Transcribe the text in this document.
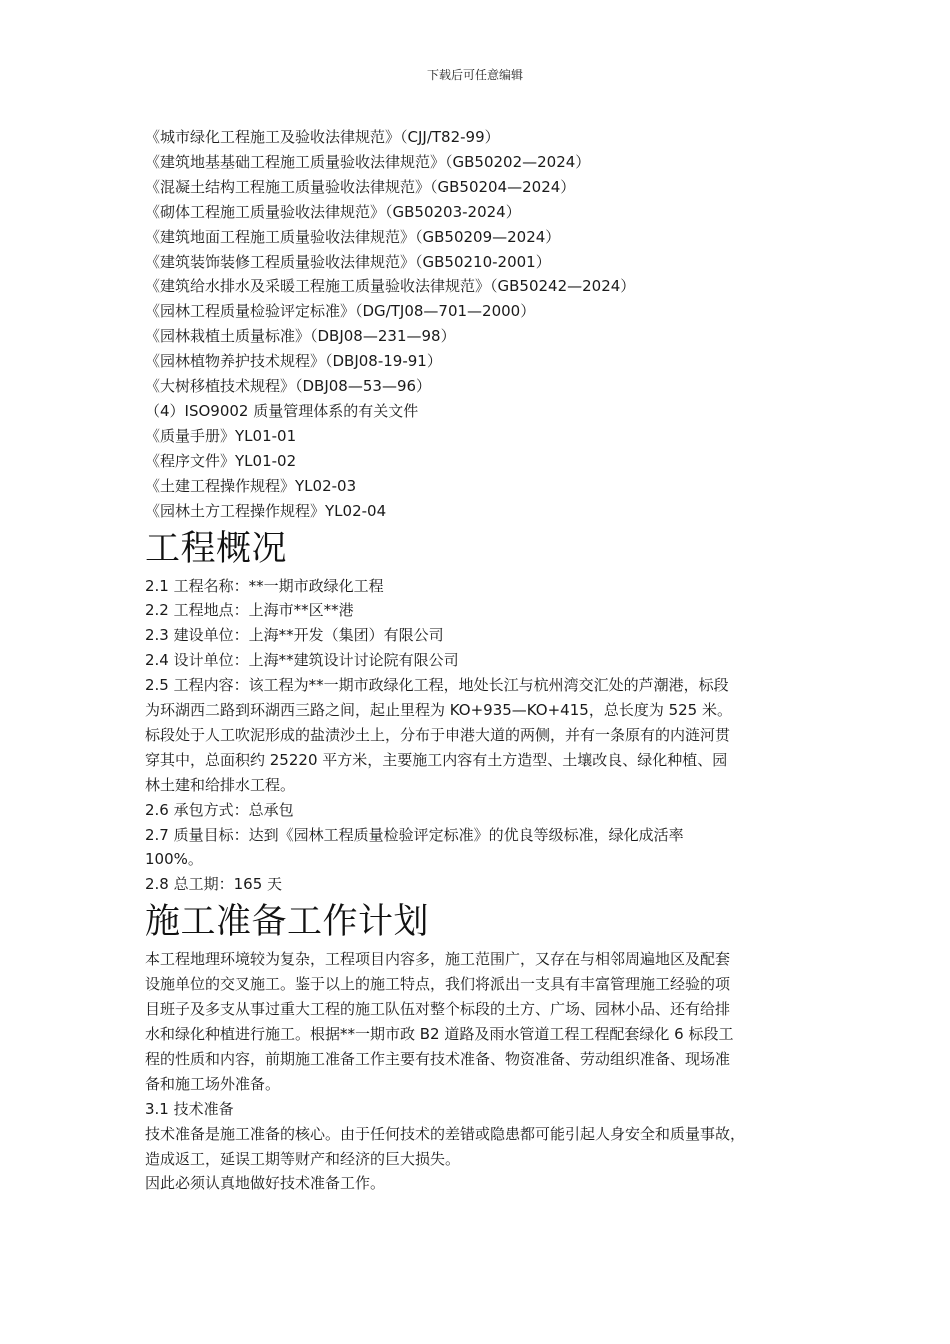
下载后可任意编辑

《城市绿化工程施工及验收法律规范》（CJJ/T82-99）

《建筑地基基础工程施工质量验收法律规范》（GB50202—2024）

《混凝土结构工程施工质量验收法律规范》（GB50204—2024）

《砌体工程施工质量验收法律规范》（GB50203-2024）

《建筑地面工程施工质量验收法律规范》（GB50209—2024）

《建筑装饰装修工程质量验收法律规范》（GB50210-2001）

《建筑给水排水及采暖工程施工质量验收法律规范》（GB50242—2024）

《园林工程质量检验评定标准》（DG/TJ08—701—2000）

《园林栽植土质量标准》（DBJ08—231—98）

《园林植物养护技术规程》（DBJ08-19-91）

《大树移植技术规程》（DBJ08—53—96）

（4）ISO9002 质量管理体系的有关文件

《质量手册》YL01-01

《程序文件》YL01-02

《土建工程操作规程》YL02-03

《园林土方工程操作规程》YL02-04

工程概况

2.1 工程名称：**一期市政绿化工程

2.2 工程地点：上海市**区**港

2.3 建设单位：上海**开发（集团）有限公司

2.4 设计单位：上海**建筑设计讨论院有限公司

2.5 工程内容：该工程为**一期市政绿化工程，地处长江与杭州湾交汇处的芦潮港，标段
为环湖西二路到环湖西三路之间，起止里程为 KO+935—KO+415，总长度为 525 米。
标段处于人工吹泥形成的盐渍沙土上，分布于申港大道的两侧，并有一条原有的内涟河贯
穿其中，总面积约 25220 平方米，主要施工内容有土方造型、土壤改良、绿化种植、园
林土建和给排水工程。

2.6 承包方式：总承包

2.7 质量目标：达到《园林工程质量检验评定标准》的优良等级标准，绿化成活率
100%。

2.8 总工期：165 天

施工准备工作计划

本工程地理环境较为复杂，工程项目内容多，施工范围广，又存在与相邻周遍地区及配套
设施单位的交叉施工。鉴于以上的施工特点，我们将派出一支具有丰富管理施工经验的项
目班子及多支从事过重大工程的施工队伍对整个标段的土方、广场、园林小品、还有给排
水和绿化种植进行施工。根据**一期市政 B2 道路及雨水管道工程工程配套绿化 6 标段工
程的性质和内容，前期施工准备工作主要有技术准备、物资准备、劳动组织准备、现场准
备和施工场外准备。

3.1 技术准备

技术准备是施工准备的核心。由于任何技术的差错或隐患都可能引起人身安全和质量事故，
造成返工，延误工期等财产和经济的巨大损失。

因此必须认真地做好技术准备工作。
